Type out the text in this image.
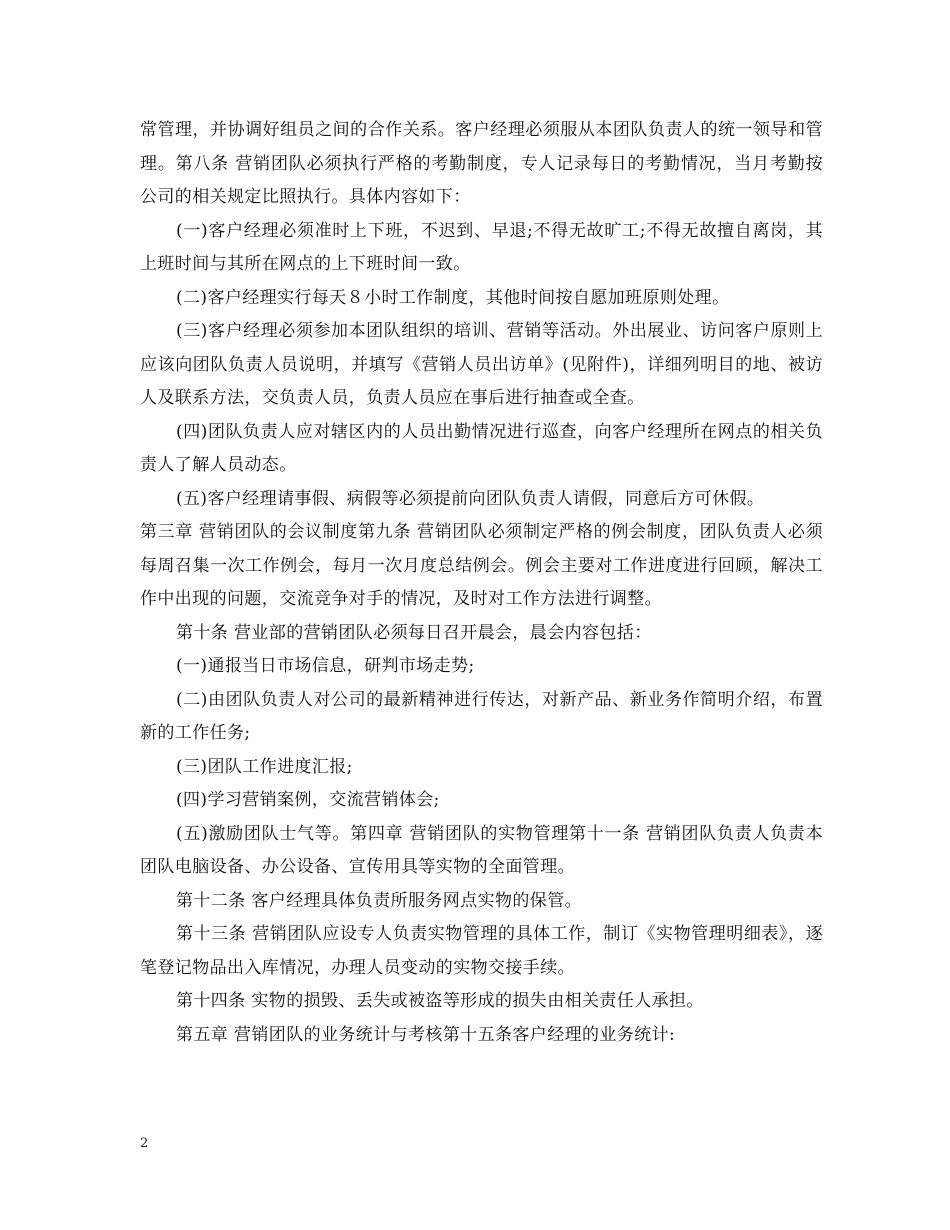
常管理，并协调好组员之间的合作关系。客户经理必须服从本团队负责人的统一领导和管理。第八条 营销团队必须执行严格的考勤制度，专人记录每日的考勤情况，当月考勤按公司的相关规定比照执行。具体内容如下：

(一)客户经理必须准时上下班，不迟到、早退;不得无故旷工;不得无故擅自离岗，其上班时间与其所在网点的上下班时间一致。

(二)客户经理实行每天８小时工作制度，其他时间按自愿加班原则处理。

(三)客户经理必须参加本团队组织的培训、营销等活动。外出展业、访问客户原则上应该向团队负责人员说明，并填写《营销人员出访单》(见附件)，详细列明目的地、被访人及联系方法，交负责人员，负责人员应在事后进行抽查或全查。

(四)团队负责人应对辖区内的人员出勤情况进行巡查，向客户经理所在网点的相关负责人了解人员动态。

(五)客户经理请事假、病假等必须提前向团队负责人请假，同意后方可休假。

第三章 营销团队的会议制度第九条 营销团队必须制定严格的例会制度，团队负责人必须每周召集一次工作例会，每月一次月度总结例会。例会主要对工作进度进行回顾，解决工作中出现的问题，交流竞争对手的情况，及时对工作方法进行调整。

第十条 营业部的营销团队必须每日召开晨会，晨会内容包括：

(一)通报当日市场信息，研判市场走势;

(二)由团队负责人对公司的最新精神进行传达，对新产品、新业务作简明介绍，布置新的工作任务;

(三)团队工作进度汇报;

(四)学习营销案例，交流营销体会;

(五)激励团队士气等。第四章 营销团队的实物管理第十一条 营销团队负责人负责本团队电脑设备、办公设备、宣传用具等实物的全面管理。

第十二条 客户经理具体负责所服务网点实物的保管。

第十三条 营销团队应设专人负责实物管理的具体工作，制订《实物管理明细表》，逐笔登记物品出入库情况，办理人员变动的实物交接手续。

第十四条 实物的损毁、丢失或被盗等形成的损失由相关责任人承担。

第五章 营销团队的业务统计与考核第十五条客户经理的业务统计:

2
